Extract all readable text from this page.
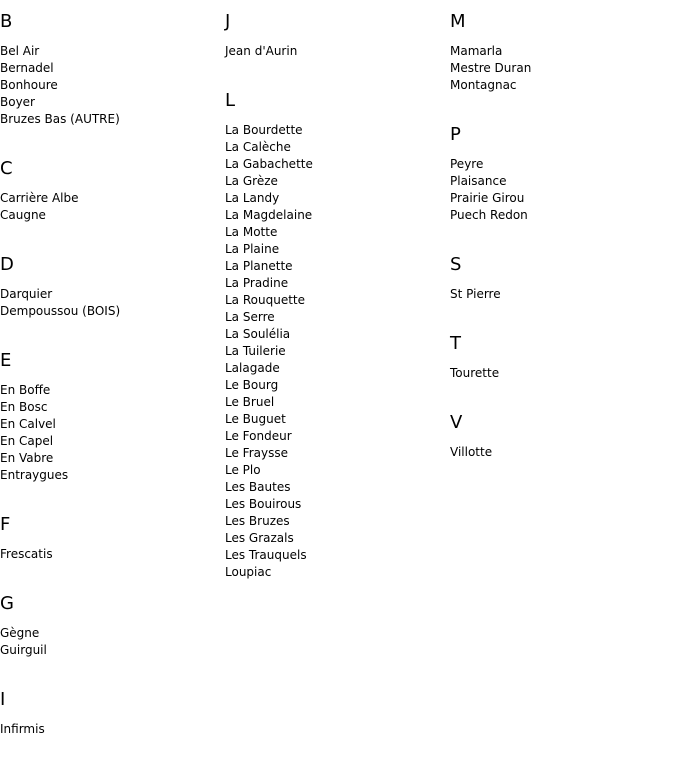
B
Bel Air
Bernadel
Bonhoure
Boyer
Bruzes Bas (AUTRE)
C
Carrière Albe
Caugne
D
Darquier
Dempoussou (BOIS)
E
En Boffe
En Bosc
En Calvel
En Capel
En Vabre
Entraygues
F
Frescatis
G
Gègne
Guirguil
I
Infirmis
J
Jean d'Aurin
L
La Bourdette
La Calèche
La Gabachette
La Grèze
La Landy
La Magdelaine
La Motte
La Plaine
La Planette
La Pradine
La Rouquette
La Serre
La Soulélia
La Tuilerie
Lalagade
Le Bourg
Le Bruel
Le Buguet
Le Fondeur
Le Fraysse
Le Plo
Les Bautes
Les Bouirous
Les Bruzes
Les Grazals
Les Trauquels
Loupiac
M
Mamarla
Mestre Duran
Montagnac
P
Peyre
Plaisance
Prairie Girou
Puech Redon
S
St Pierre
T
Tourette
V
Villotte
